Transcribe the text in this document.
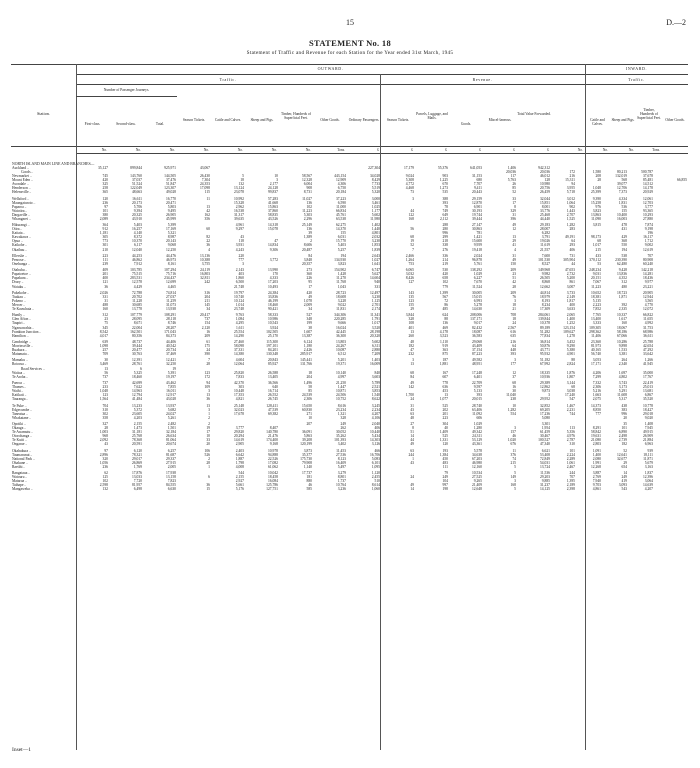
15	D.—2
STATEMENT No. 18
Statement of Traffic and Revenue for each Station for the Year ended 31st March, 1945
OUTWARD.	INWARD.
Traffic.	Revenue.	Traffic.
Station.
Number of Passenger Journeys.
First-class.	Second-class.	Total.
Season Tickets.	Cattle and Calves.	Sheep and Pigs.
Timber, Hundreds of Superficial Feet.	Other Goods.	Ordinary Passengers.	Season Tickets.
Parcels, Luggage, and Mails.
Goods.
Miscel-laneous.
Total Value Forwarded.
Cattle and Calves.
Sheep and Pigs.
Timber, Hundreds of Superficial Feet.	Other Goods.
No.	No.	No.	No.	No.	No.	No.	Tons.	£	£	£	£	£	£	No.	No.	No.	Tons.
NORTH ISLAND MAIN LINE AND BRANCHES—																			
Auckland ..	35,127	899,844	925,971	43,067					227,304	17,179	55,376	641,053	1,406	942,312					
Goods ..													20,036	20,036	172	1,580	80,213	500,787	
Newmarket ..	745	143,760	144,505	26,430	5	10	58,567	443,154	34,028	9,024	903	31,153	117	46,012	216	208	132,019	37,678	
Mount Eden ..	420	37,037	37,476	7,304	18	3	12,328	12,909	8,429	5,308	1,225	680	5,763	128	15,311	28	568	85,481	66,855
Avondale ..	325	51,524	51,847	24,353	132	2,177	6,004	4,306	7,733	4,772	670	7,707	26	10,980	94		39,077	14,512	
Henderson ..	258	122,049	123,307	17,098	13,124	24,128	908	6,750	5,519	4,468	1,273	9,411	85	20,756	3,955	1,048	12,706	14,178	
Helensville ..	365	48,663	49,028	115	23,078	99,837	8,731	20,184	5,320	73	535	20,443	52	26,459	5,718	25,399	7,373	20,929	

Wellsford ..	120	16,611	16,770	11	10,992	57,283	11,027	37,223	3,000	3	388	29,159	33	32,044	3,012	9,390	4,334	12,061	
Maungaturoto ..	236	20,173	20,471		15,328	41,668	136	6,590	3,461		393	12,870	17	15,851	1,064	15,258	1,831	12,703	
Paparoa ..	97	5,706	5,803	13	2,962	15,863	102	11,000	1,025		78	6,901	8	8,001	902	976	536	3,777	
Waiotira ..	101	9,394	9,495	42	16,538	37,860	11,223	66,834	1,177	44	749	30,193	329	33,776	1,443	3,823	155	93,365	
Dargaville ..	380	20,325	26,905	162	31,317	58,835	5,303	45,761	5,602	122	649	19,744	31	25,468	2,707	13,863	10,400	10,293	
Whangarei ..	2,089	43,910	45,999	356	39,635	43,526	2,296	63,538	11,980	168	2,112	39,444	396	44,440	1,525	11,090	16,003	27,880	

Hikurangi ..	364	5,403	5,399		4,961	14,318	25,149	62,275	1,402		288	27,147	49	29,183	1,282	3,815	478	7,874	
Otira ..	912	16,257	17,169	60	9,297	15,078	136	14,370	1,440	56	280	30,863	12	28,007	283		431	9,198	
Kaitaia ..	1,181	4,140	5,321				39	155	4,801		996	781		6,282				196	
Kawakawa ..	305	8,372	8,987	82	43		1,389	6,031	2,032	68	299	1,421	13	3,791	49,191	98,173	429	16,117	
Opua ..	773	10,370	20,143	22	118	47	2	15,770	3,230	19	218	15,600	29	19,026	64	68	368	1,712	
Kaikohe ..	301	6,117	9,068	36	3,931	14,834	8,606	5,403	1,853	52	338	9,959	41	11,619	293	1,017	550	9,002	
Okaihau ..	210	12,040	12,250	4	4,243	9,306	20,487	5,257	1,839	7	276	19,418	4	21,557	406	215	194	12,619	

Ellerslie ..	223	44,253	44,476	13,136	220		84	194	2,643	2,466	336	2,024	31	7,600	731	433	538	707	
Penrose ..	111	46,862	46,973	10,388	777	3,772	3,848	134,930	1,027	1,264	214	96,878	49	101,530	305,904	370,112	230,390	80,908	
Onehunga ..	239	7,912	8,161	3,755	3		20,357	3,823	1,641	753	219	5,761	150	8,527	44	53	62,480	60,240	

Otahuhu ..	409	103,785	107,294	24,119	2,143	13,990	273	154,902	6,747	6,065	530	138,292	209	149,968	47,653	248,234	9,428	142,218	
Papatoetoe ..	201	75,515	75,716	16,803	403	170	360	1,428	5,627	3,032	420	1,029	23	9,982	2,732	9,031	13,836	14,281	
Papakura ..	400	283,531	234,437	32,811	1,860	4,333	226	11,270	14,604	8,426	658	6,227	51	26,505	5,200	20,151	4,352	18,436	
Drury ..	121	12,578	12,699	242	6,500	17,203	95	11,768	940	127	102	7,670	42	8,868	861	7,067	312	9,977	
Waiuku ..	36	4,429	4,465		21,748	10,493	17	1,043	331		779	11,524	28	12,662	3,007	11,223	480	23,221	

Pukekohe ..	2,026	72,788	74,814	316	19,797	24,384	420	28,723	12,497	143	1,399	30,005	209	44,814	3,733	10,652	18,723	20,905	
Tuakau ..	331	20,702	27,037	204	10,740	33,836	49	18,608	3,230	135	567	15,015	76	18,979	2,149	18,381	1,871	12,944	
Pokeno ..	31	11,228	11,259	211	10,124	46,199	1,078	3,228	1,125	123	72	6,993	3	8,193	1,817	5,135		3,565	
Mercer ..	488	30,685	31,073	145	1,014	18,460	2,009	9,022	2,701	155	86	5,278	18	8,234	400	2,223	392	4,770	
Te Kauwhata ..	160	13,778	13,938	34	23,748	90,421	34	11,831	2,174	29	485	14,630	21	17,309	3,633	7,852	2,335	12,072	

Huntly ..	312	107,779	108,291	20,417	9,763	58,333	527	344,306	11,341	3,844	624	208,006	708	284,061	2,065	7,765	10,337	66,822	
Glen Afton ..	23	28,095	28,118	737	1,084	10,986	348	220,285	1,791	328	88	137,171	18	139,844	1,400	13,400	1,617	11,655	
Taupiri ..	75	8,671	8,746	154	4,295	10,543	199	9,666	1,017	108	136	9,017	24	10,378	1,252	3,333	160	4,992	
Ngaruawahia ..	345	22,004	28,207	2,120	1,611	3,924	38	16,024	3,520	401	469	82,432	2,567	89,189	123,154	109,305	18,067	31,753	
Frankton Junction ..	8,542	162,501	171,043	16	25,554	102,505	1,607	42,445	28,198	13	4,178	18,087	616	51,282	109,627	298,362	58,186	68,986	
Hamilton ..	4,017	80,356	84,373	209	14,290	25,170	13,387	36,300	20,320	260	3,523	36,583	635	77,834	1,278	11,406	67,066	36,611	

Cambridge ..	639	48,737	44,406	61	27,460	115,300	6,124	13,803	5,602	48	1,110	29,068	216	36,814	3,452	23,360	10,286	25,788	
Morrinsville ..	1,098	39,444	40,542	175	58,098	197,101	1,180	24,267	6,311	182	919	43,409	64	50,876	9,290	81,973	9,898	42,654	
Ruakura ..	257	20,477	20,734	24	37,331	84,201	2,426	10,087	2,880	47	363	37,154	448	43,771	5,380	40,165	1,533	47,292	
Matamata ..	709	30,763	37,469	390	14,380	130,348	285,917	6,512	7,209	232	875	87,223	393	95,932	4,901	56,740	3,381	33,642	

Mamaku ..	30	12,391	12,421	7	4,604	20,843	145,441	5,201	1,403	3	187	49,582	3	51,182	88	3,053	264	1,266	
Rotorua ..	3,469	28,761	32,250	28	12,064	85,927	131,766	19,371	16,009	13	1,881	48,951	177	67,992	2,824	17,171	2,340	41,945	
Road Services ..	13	6	19																
Waitoa ..	56	5,325	5,391	123	25,820	26,588	18	10,140	840	68	167	17,248	12	18,335	1,876	4,206	1,697	35,000	
Te Aroha ..	737	18,460	19,197	172	7,833	13,405	204	4,997	3,603	84	607	6,401	37	10,936	1,807	7,299	4,802	17,767	

Paeroa ..	737	42,699	43,462	94	42,370	36,566	1,496	21,250	5,789	49	778	22,709	68	29,389	3,144	7,332	3,743	22,419	
Thames ..	233	7,622	7,855	109	303	640	58	1,447	2,521	142	636	9,597	16	12,862	68	2,306	3,173	25,013	
Waihi ..	1,048	14,963	16,011	3	10,448	16,714	85	10,871	3,853		453	5,133	30	9,873	3,038	5,216	5,291	13,681	
Katikati ..	123	12,794	12,917	13	17,353	26,552	24,539	24,506	1,540	1,700	13	393	11,040	3	17,240	1,663	11,608	6,867	
Tauranga ..	1,564	41,484	43,028	36	4,821	26,745	2,306	10,752	8,622	24	1,077	20,015	238	29,952	547	2,075	5,317	35,520	

Te Puke ..	704	13,233	13,937	13	25,148	128,411	15,650	8,616	3,245	31	525	28,740	10	32,852	1,467	14,373	438	10,778	
Edgecumbe ..	310	5,372	5,682	3	32,023	47,539	60,830	23,234	2,234	43	202	63,406	1,282	69,205	2,231	8,850	383	18,427	
Taneatua ..	302	23,605	24,027	1	17,678	69,382	271	1,321	4,207	63	201	11,092	554	17,236	744	777	996	29,018	
Whakatane ..	358	4,203	5,261	2			10	328	4,106	48	223	606		5,080			20	9,020	

Opotiki ..	327	2,155	2,482	2			207	249	2,040	27	304	1,029		3,301			35	1,408	
Okauga ..	28	1,473	1,501	19	3,777	8,407		262	406	8	40	1,280	3	1,954	113	8,291	101	7,945	
Te Awamutu ..	1,003	31,181	32,184	17	29,820	140,780	36,091	30,052	10,440	51	1,409	49,342	157	61,459	5,356	58,842	6,890	49,915	
Otorohanga ..	968	25,768	26,634	10	20,294	21,476	5,863	35,262	5,434	14	525	24,311	46	30,467	4,976	19,631	2,498	26,909	
Te Kuiti ..	2,092	78,368	81,064	33	14,619	174,400	39,208	101,393	14,303	44	1,331	53,129	1,020	100,527	2,787	21,080	2,739	21,884	
Ongarue ..	43	20,591	20,674	20	2,905	9,168	120,199	3,402	3,126	49	120	43,361	676	47,340	310	2,803	182	6,963	

Okahukura ..	97	6,120	6,257	106	2,403	10,978	3,873	11,453	466	63	193	5,578	11	6,621	101	1,091	52	939	
Taumarunui ..	2,896	78,321	81,687	526	6,642	94,888	35,377	27,536	16,706	244	1,384	34,638	376	53,408	2,224	1,400	12,641	18,111	
National Park ..	320	29,017	29,337	2	1,887	22,526	175,730	8,123	5,083	1	450	67,203	74	72,849	2,289	2,080	32,677	11,871	
Ohakune ..	1,056	26,869	27,915	28	1,798	17,082	79,908	16,409	6,101	43	483	46,980	215	54,031	1,061	1,991	29	5,679	
Raetihi ..	236	1,769	2,005	1	4,008	61,062	1,140	5,497	1,095		111	12,160	5	13,724	2,467	12,268	654	3,163	

Rangataua ..	62	17,876	17,938		544	10,042	17,737	3,279	1,120		79	10,534	5	11,536	244	3,887	14	1,837	
Waiouru ..	125	13,033	13,158	6	2,155	18,458	181	8,801	2,455	24	249	27,525	149	29,203	707	2,769	249	12,396	
Mataroa ..	102	7,720	7,823		2,927	16,084	880	1,737	510		104	9,265	3	9,885	1,395	7,940	419	3,064	
Taihape ..	2,598	81,957	84,555	36	5,661	125,786	46	10,764	8,614	49	997	21,409	168	31,237	2,189	9,703	3,093	14,639	
Mangaweka ..	132	6,498	6,630	15	5,176	127,751	585	3,236	1,060	14	198	12,648	5	14,125	2,398	4,861	543	4,207	
Inset—1
